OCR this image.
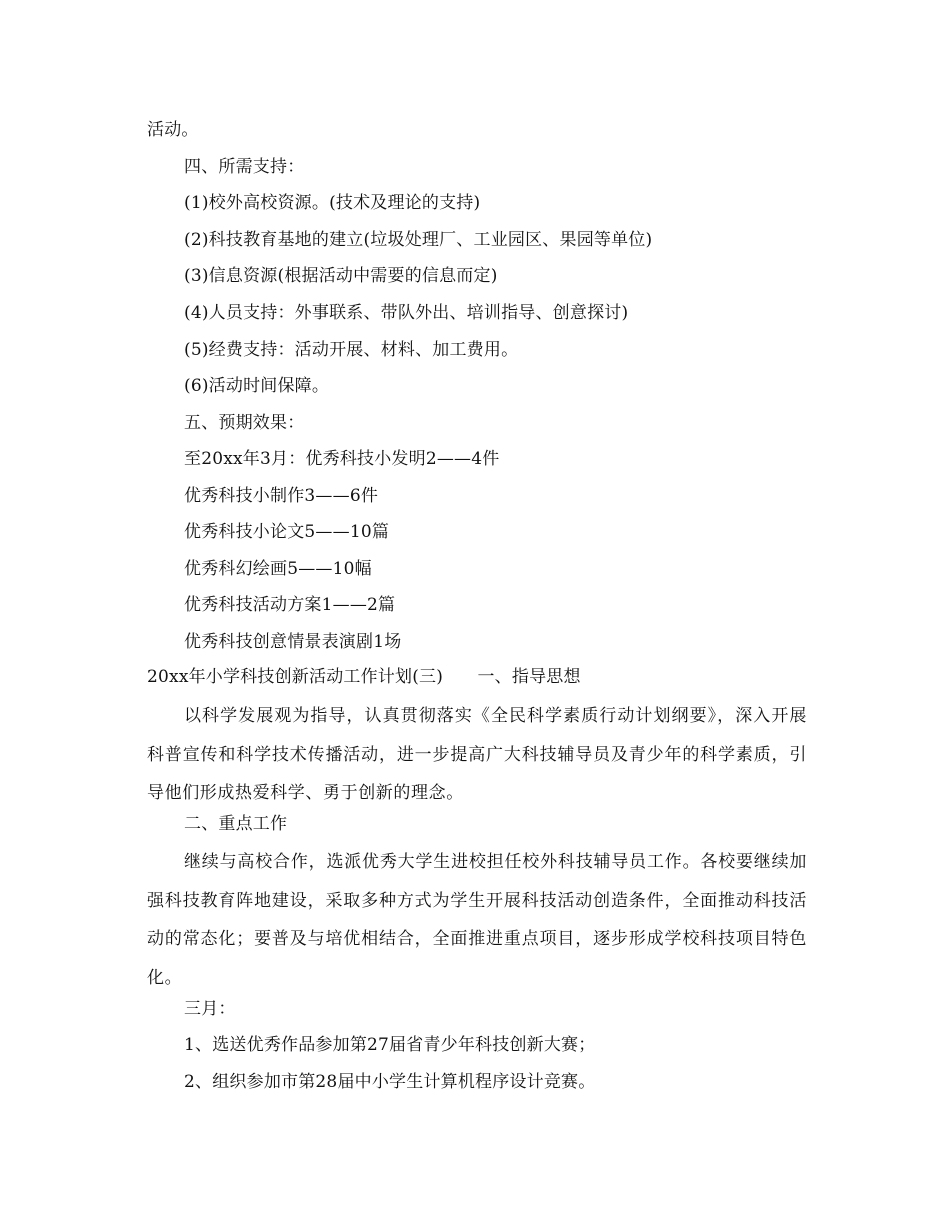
活动。
四、所需支持：
(1)校外高校资源。(技术及理论的支持)
(2)科技教育基地的建立(垃圾处理厂、工业园区、果园等单位)
(3)信息资源(根据活动中需要的信息而定)
(4)人员支持：外事联系、带队外出、培训指导、创意探讨)
(5)经费支持：活动开展、材料、加工费用。
(6)活动时间保障。
五、预期效果：
至20xx年3月：优秀科技小发明2——4件
优秀科技小制作3——6件
优秀科技小论文5——10篇
优秀科幻绘画5——10幅
优秀科技活动方案1——2篇
优秀科技创意情景表演剧1场
20xx年小学科技创新活动工作计划(三)　　一、指导思想

以科学发展观为指导，认真贯彻落实《全民科学素质行动计划纲要》，深入开展科普宣传和科学技术传播活动，进一步提高广大科技辅导员及青少年的科学素质，引导他们形成热爱科学、勇于创新的理念。

二、重点工作

继续与高校合作，选派优秀大学生进校担任校外科技辅导员工作。各校要继续加强科技教育阵地建设，采取多种方式为学生开展科技活动创造条件，全面推动科技活动的常态化；要普及与培优相结合，全面推进重点项目，逐步形成学校科技项目特色化。

三月：
1、选送优秀作品参加第27届省青少年科技创新大赛；
2、组织参加市第28届中小学生计算机程序设计竞赛。
